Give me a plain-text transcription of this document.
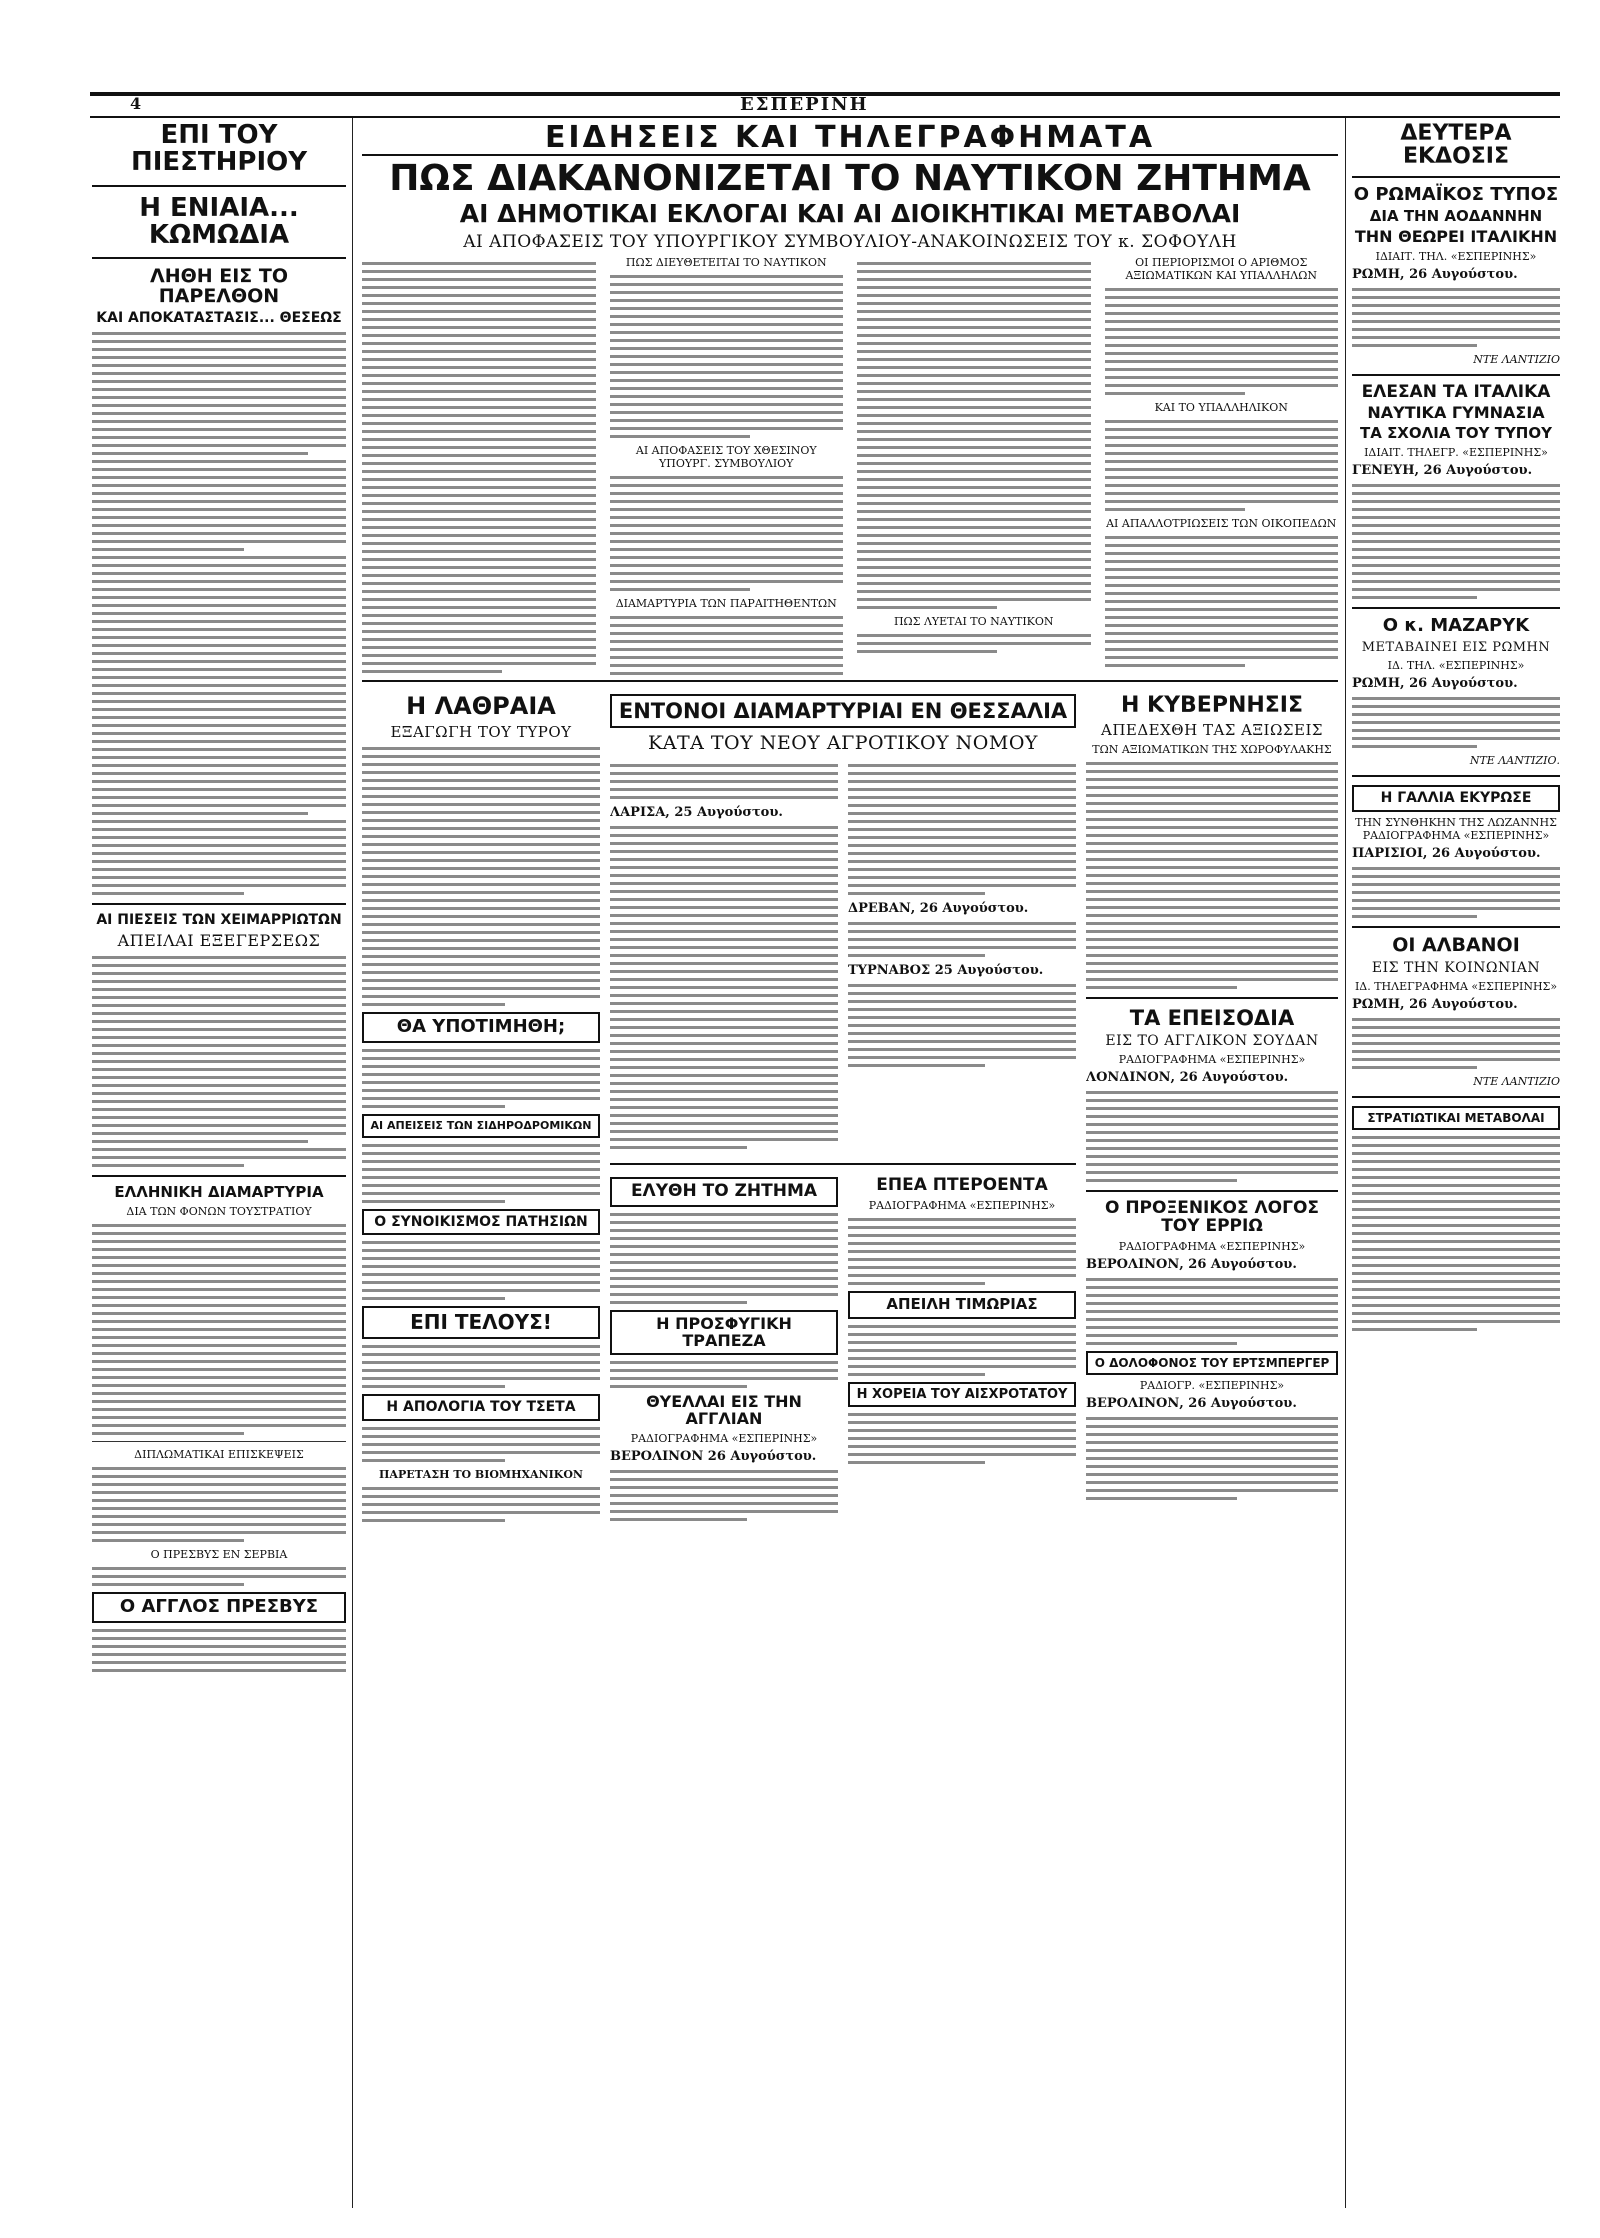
4	ΕΣΠΕΡΙΝΗ
ΕΠΙ ΤΟΥ ΠΙΕΣΤΗΡΙΟΥ
Η ΕΝΙΑΙΑ... ΚΩΜΩΔΙΑ
ΛΗΘΗ ΕΙΣ ΤΟ ΠΑΡΕΛΘΟΝ
ΚΑΙ ΑΠΟΚΑΤΑΣΤΑΣΙΣ... ΘΕΣΕΩΣ
ΑΙ ΠΙΕΣΕΙΣ ΤΩΝ ΧΕΙΜΑΡΡΙΩΤΩΝ
ΑΠΕΙΛΑΙ ΕΞΕΓΕΡΣΕΩΣ
ΕΛΛΗΝΙΚΗ ΔΙΑΜΑΡΤΥΡΙΑ
ΔΙΑ ΤΩΝ ΦΟΝΩΝ ΤΟΥΣΤΡΑΤΙΟΥ
ΔΙΠΛΩΜΑΤΙΚΑΙ ΕΠΙΣΚΕΨΕΙΣ
Ο ΠΡΕΣΒΥΣ ΕΝ ΣΕΡΒΙΑ
Ο ΑΓΓΛΟΣ ΠΡΕΣΒΥΣ
ΕΙΔΗΣΕΙΣ ΚΑΙ ΤΗΛΕΓΡΑΦΗΜΑΤΑ
ΠΩΣ ΔΙΑΚΑΝΟΝΙΖΕΤΑΙ ΤΟ ΝΑΥΤΙΚΟΝ ΖΗΤΗΜΑ
ΑΙ ΔΗΜΟΤΙΚΑΙ ΕΚΛΟΓΑΙ ΚΑΙ ΑΙ ΔΙΟΙΚΗΤΙΚΑΙ ΜΕΤΑΒΟΛΑΙ
ΑΙ ΑΠΟΦΑΣΕΙΣ ΤΟΥ ΥΠΟΥΡΓΙΚΟΥ ΣΥΜΒΟΥΛΙΟΥ-ΑΝΑΚΟΙΝΩΣΕΙΣ ΤΟΥ κ. ΣΟΦΟΥΛΗ
ΠΩΣ ΔΙΕΥΘΕΤΕΙΤΑΙ ΤΟ ΝΑΥΤΙΚΟΝ
ΑΙ ΑΠΟΦΑΣΕΙΣ ΤΟΥ ΧΘΕΣΙΝΟΥ ΥΠΟΥΡΓ. ΣΥΜΒΟΥΛΙΟΥ
ΔΙΑΜΑΡΤΥΡΙΑ ΤΩΝ ΠΑΡΑΙΤΗΘΕΝΤΩΝ
ΠΩΣ ΛΥΕΤΑΙ ΤΟ ΝΑΥΤΙΚΟΝ
ΟΙ ΠΕΡΙΟΡΙΣΜΟΙ Ο ΑΡΙΘΜΟΣ ΑΞΙΩΜΑΤΙΚΩΝ ΚΑΙ ΥΠΑΛΛΗΛΩΝ
ΚΑΙ ΤΟ ΥΠΑΛΛΗΛΙΚΟΝ
ΑΙ ΑΠΑΛΛΟΤΡΙΩΣΕΙΣ ΤΩΝ ΟΙΚΟΠΕΔΩΝ
Η ΛΑΘΡΑΙΑ
ΕΞΑΓΩΓΗ ΤΟΥ ΤΥΡΟΥ
ΘΑ ΥΠΟΤΙΜΗΘΗ;
ΑΙ ΑΠΕΙΣΕΙΣ ΤΩΝ ΣΙΔΗΡΟΔΡΟΜΙΚΩΝ
Ο ΣΥΝΟΙΚΙΣΜΟΣ ΠΑΤΗΣΙΩΝ
ΕΠΙ ΤΕΛΟΥΣ!
Η ΑΠΟΛΟΓΙΑ ΤΟΥ ΤΣΕΤΑ
ΠΑΡΕΤΑΣΗ ΤΟ ΒΙΟΜΗΧΑΝΙΚΟΝ
ΕΝΤΟΝΟΙ ΔΙΑΜΑΡΤΥΡΙΑΙ ΕΝ ΘΕΣΣΑΛΙΑ
ΚΑΤΑ ΤΟΥ ΝΕΟΥ ΑΓΡΟΤΙΚΟΥ ΝΟΜΟΥ
ΛΑΡΙΣΑ, 25 Αυγούστου.
ΔΡΕΒΑΝ, 26 Αυγούστου.
ΤΥΡΝΑΒΟΣ 25 Αυγούστου.
ΕΛΥΘΗ ΤΟ ΖΗΤΗΜΑ
Η ΠΡΟΣΦΥΓΙΚΗ ΤΡΑΠΕΖΑ
ΘΥΕΛΛΑΙ ΕΙΣ ΤΗΝ ΑΓΓΛΙΑΝ
ΡΑΔΙΟΓΡΑΦΗΜΑ «ΕΣΠΕΡΙΝΗΣ»
ΒΕΡΟΛΙΝΟΝ 26 Αυγούστου.
ΕΠΕΑ ΠΤΕΡΟΕΝΤΑ
ΡΑΔΙΟΓΡΑΦΗΜΑ «ΕΣΠΕΡΙΝΗΣ»
ΑΠΕΙΛΗ ΤΙΜΩΡΙΑΣ
Η ΧΟΡΕΙΑ ΤΟΥ ΑΙΣΧΡΟΤΑΤΟΥ
Η ΚΥΒΕΡΝΗΣΙΣ
ΑΠΕΔΕΧΘΗ ΤΑΣ ΑΞΙΩΣΕΙΣ
ΤΩΝ ΑΞΙΩΜΑΤΙΚΩΝ ΤΗΣ ΧΩΡΟΦΥΛΑΚΗΣ
ΤΑ ΕΠΕΙΣΟΔΙΑ
ΕΙΣ ΤΟ ΑΓΓΛΙΚΟΝ ΣΟΥΔΑΝ
ΡΑΔΙΟΓΡΑΦΗΜΑ «ΕΣΠΕΡΙΝΗΣ»
ΛΟΝΔΙΝΟΝ, 26 Αυγούστου.
Ο ΠΡΟΞΕΝΙΚΟΣ ΛΟΓΟΣ ΤΟΥ ΕΡΡΙΩ
ΡΑΔΙΟΓΡΑΦΗΜΑ «ΕΣΠΕΡΙΝΗΣ»
ΒΕΡΟΛΙΝΟΝ, 26 Αυγούστου.
Ο ΔΟΛΟΦΟΝΟΣ ΤΟΥ ΕΡΤΣΜΠΕΡΓΕΡ
ΡΑΔΙΟΓΡ. «ΕΣΠΕΡΙΝΗΣ»
ΒΕΡΟΛΙΝΟΝ, 26 Αυγούστου.
ΔΕΥΤΕΡΑ ΕΚΔΟΣΙΣ
Ο ΡΩΜΑΪΚΟΣ ΤΥΠΟΣ
ΔΙΑ ΤΗΝ ΑΟΔΑΝΝΗΝ
ΤΗΝ ΘΕΩΡΕΙ ΙΤΑΛΙΚΗΝ
ΙΔΙΑΙΤ. ΤΗΛ. «ΕΣΠΕΡΙΝΗΣ»
ΡΩΜΗ, 26 Αυγούστου.
ΝΤΕ ΛΑΝΤΙΖΙΟ
ΕΛΕΣΑΝ ΤΑ ΙΤΑΛΙΚΑ
ΝΑΥΤΙΚΑ ΓΥΜΝΑΣΙΑ
ΤΑ ΣΧΟΛΙΑ ΤΟΥ ΤΥΠΟΥ
ΙΔΙΑΙΤ. ΤΗΛΕΓΡ. «ΕΣΠΕΡΙΝΗΣ»
ΓΕΝΕΥΗ, 26 Αυγούστου.
Ο κ. ΜΑΖΑΡΥΚ
ΜΕΤΑΒΑΙΝΕΙ ΕΙΣ ΡΩΜΗΝ
ΙΔ. ΤΗΛ. «ΕΣΠΕΡΙΝΗΣ»
ΡΩΜΗ, 26 Αυγούστου.
ΝΤΕ ΛΑΝΤΙΖΙΟ.
Η ΓΑΛΛΙΑ ΕΚΥΡΩΣΕ
ΤΗΝ ΣΥΝΘΗΚΗΝ ΤΗΣ ΛΩΖΑΝΝΗΣ
ΡΑΔΙΟΓΡΑΦΗΜΑ «ΕΣΠΕΡΙΝΗΣ»
ΠΑΡΙΣΙΟΙ, 26 Αυγούστου.
ΟΙ ΑΛΒΑΝΟΙ
ΕΙΣ ΤΗΝ ΚΟΙΝΩΝΙΑΝ
ΙΔ. ΤΗΛΕΓΡΑΦΗΜΑ «ΕΣΠΕΡΙΝΗΣ»
ΡΩΜΗ, 26 Αυγούστου.
ΝΤΕ ΛΑΝΤΙΖΙΟ
ΣΤΡΑΤΙΩΤΙΚΑΙ ΜΕΤΑΒΟΛΑΙ
